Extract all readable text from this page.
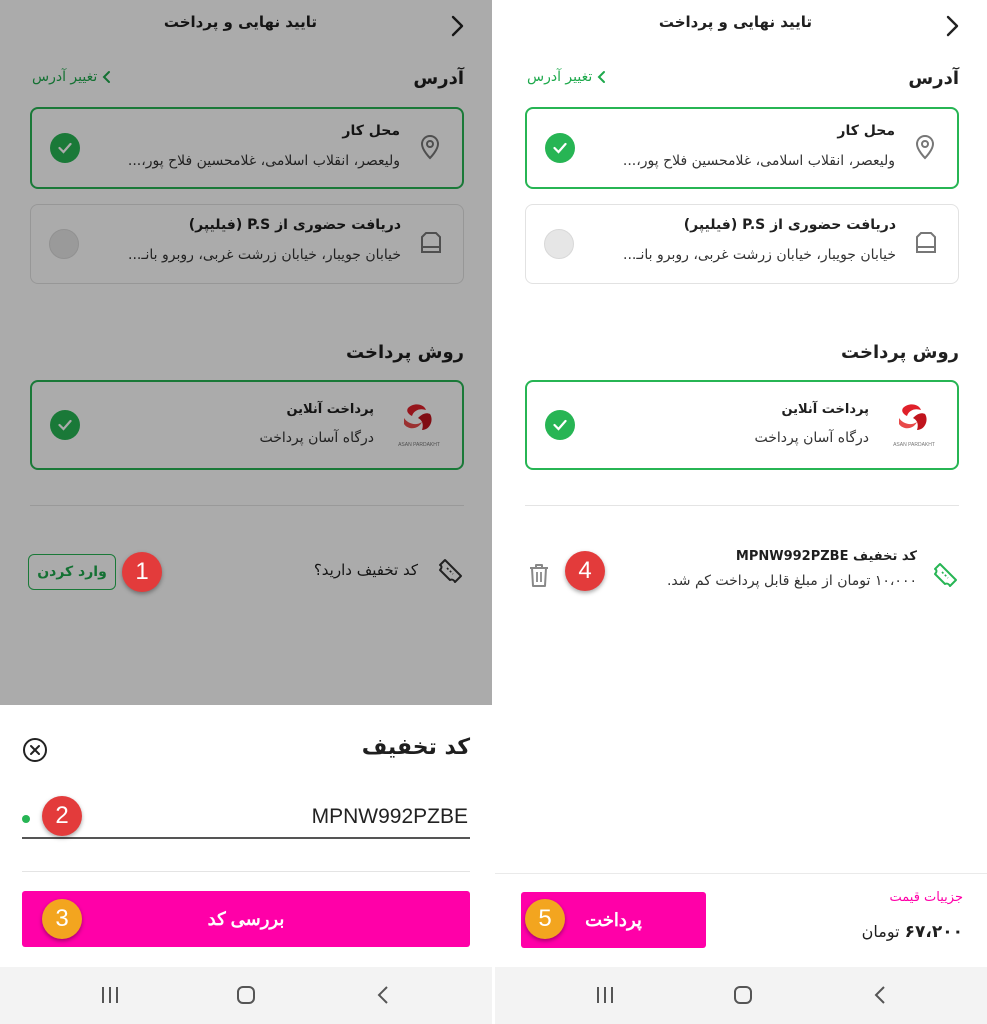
تایید نهایی و پرداخت
آدرس
تغییر آدرس
محل کار
ولیعصر، انقلاب اسلامی، غلامحسین فلاح پور،...
دریافت حضوری از P.S (فیلیپر)
خیابان جویبار، خیابان زرشت غربی، روبرو بانـ...
روش پرداخت
پرداخت آنلاین
درگاه آسان پرداخت	ASAN PARDAKHT
وارد کردن	کد تخفیف دارید؟
1
کد تخفیف
MPNW992PZBE
بررسی کد
2
3
تایید نهایی و پرداخت
آدرس
تغییر آدرس
محل کار
ولیعصر، انقلاب اسلامی، غلامحسین فلاح پور،...
دریافت حضوری از P.S (فیلیپر)
خیابان جویبار، خیابان زرشت غربی، روبرو بانـ...
روش پرداخت
پرداخت آنلاین
درگاه آسان پرداخت	ASAN PARDAKHT
کد تخفیف MPNW992PZBE
۱۰،۰۰۰ تومان از مبلغ قابل پرداخت کم شد.
4
پرداخت
جزییات قیمت
۶۷،۲۰۰ تومان
5
